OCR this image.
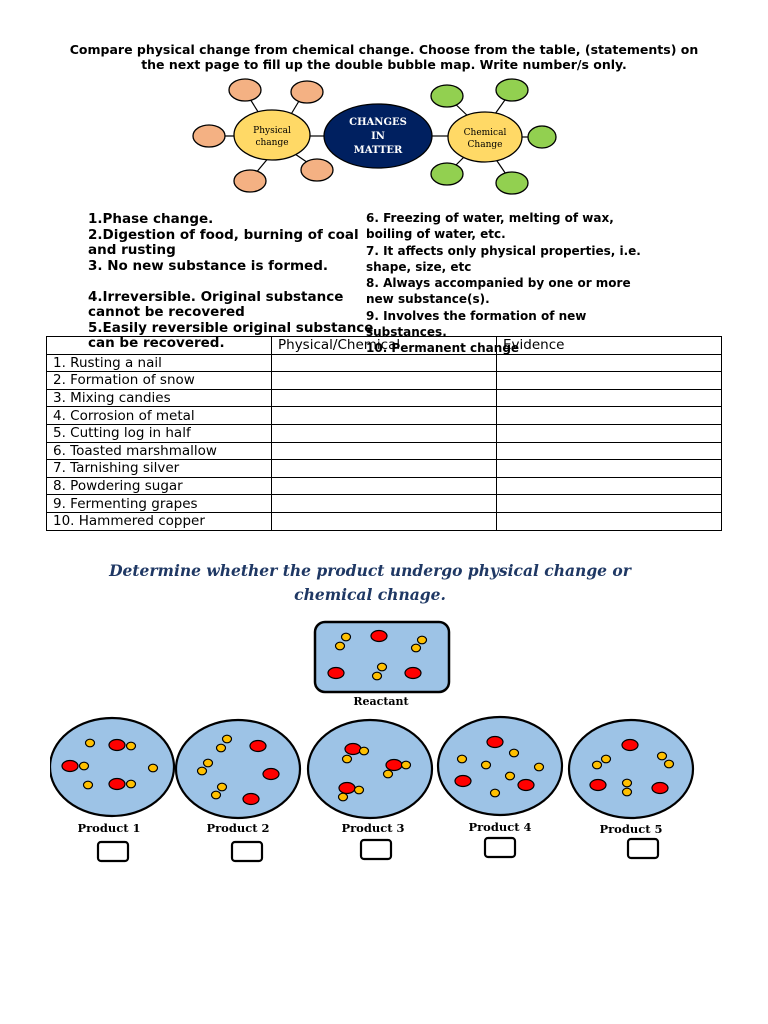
Compare physical change from chemical change. Choose from the table, (statements) on
the next page to fill up the double bubble map. Write number/s only.
Physical
change
Chemical
Change
CHANGES
IN
MATTER
1.Phase change.
2.Digestion of food, burning of coal
and rusting
3. No new substance is formed.
4.Irreversible. Original substance
cannot be recovered
5.Easily reversible original substance
can be recovered.
6. Freezing of water, melting of wax,
boiling of water, etc.
7. It affects only physical properties, i.e.
shape, size, etc
8. Always accompanied by one or more
new substance(s).
9. Involves the formation of new
substances.
10. Permanent change
	Physical/Chemical	Evidence
1. Rusting a nail		
2. Formation of snow		
3. Mixing candies		
4. Corrosion of metal		
5. Cutting log in half		
6. Toasted marshmallow		
7. Tarnishing silver		
8. Powdering sugar		
9. Fermenting grapes		
10. Hammered copper		
Determine whether the product undergo physical change or
chemical chnage.
Reactant
Product 1	Product 2	Product 3	Product 4	Product 5
